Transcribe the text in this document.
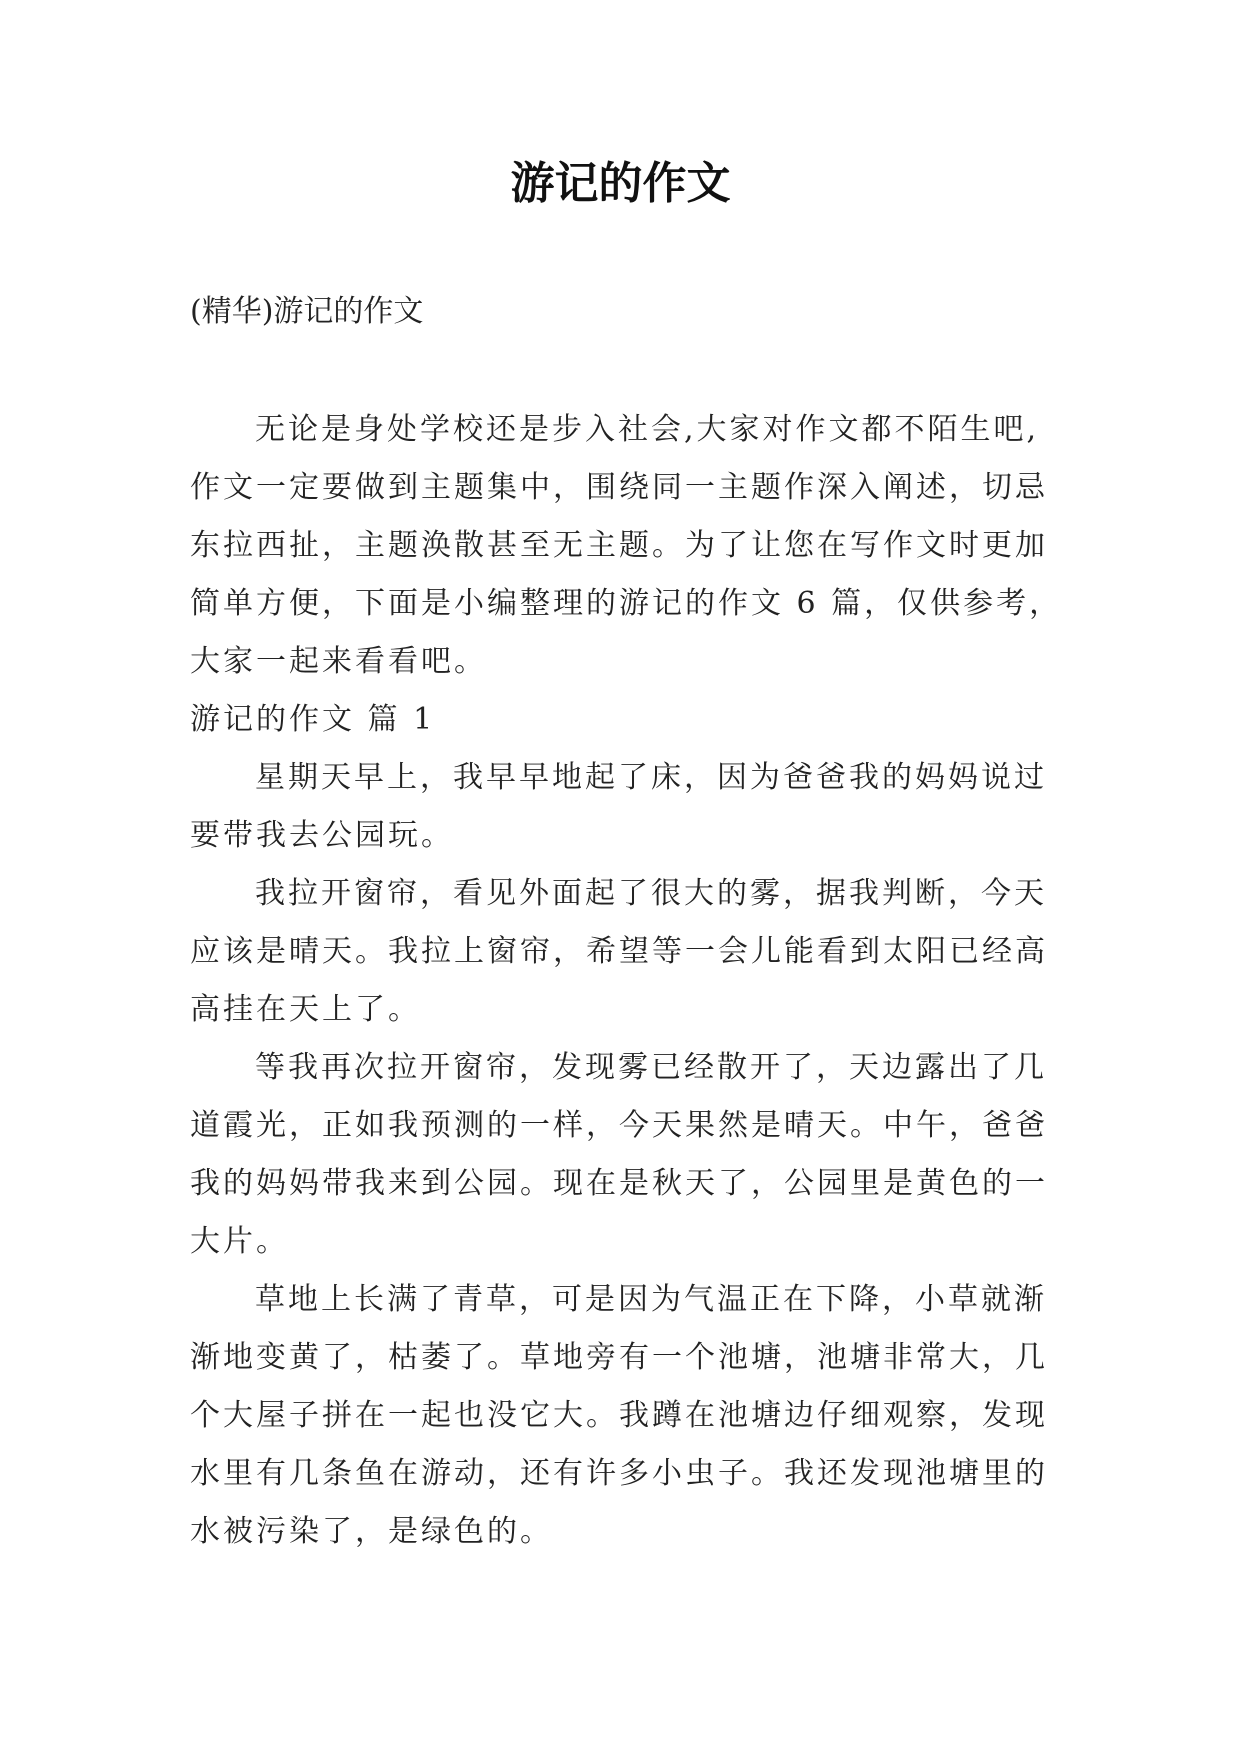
游记的作文
(精华)游记的作文
无论是身处学校还是步入社会,大家对作文都不陌生吧,
作文一定要做到主题集中，围绕同一主题作深入阐述，切忌
东拉西扯，主题涣散甚至无主题。为了让您在写作文时更加
简单方便，下面是小编整理的游记的作文 6 篇，仅供参考，
大家一起来看看吧。
游记的作文 篇 1
星期天早上，我早早地起了床，因为爸爸我的妈妈说过
要带我去公园玩。
我拉开窗帘，看见外面起了很大的雾，据我判断，今天
应该是晴天。我拉上窗帘，希望等一会儿能看到太阳已经高
高挂在天上了。
等我再次拉开窗帘，发现雾已经散开了，天边露出了几
道霞光，正如我预测的一样，今天果然是晴天。中午，爸爸
我的妈妈带我来到公园。现在是秋天了，公园里是黄色的一
大片。
草地上长满了青草，可是因为气温正在下降，小草就渐
渐地变黄了，枯萎了。草地旁有一个池塘，池塘非常大，几
个大屋子拼在一起也没它大。我蹲在池塘边仔细观察，发现
水里有几条鱼在游动，还有许多小虫子。我还发现池塘里的
水被污染了，是绿色的。
